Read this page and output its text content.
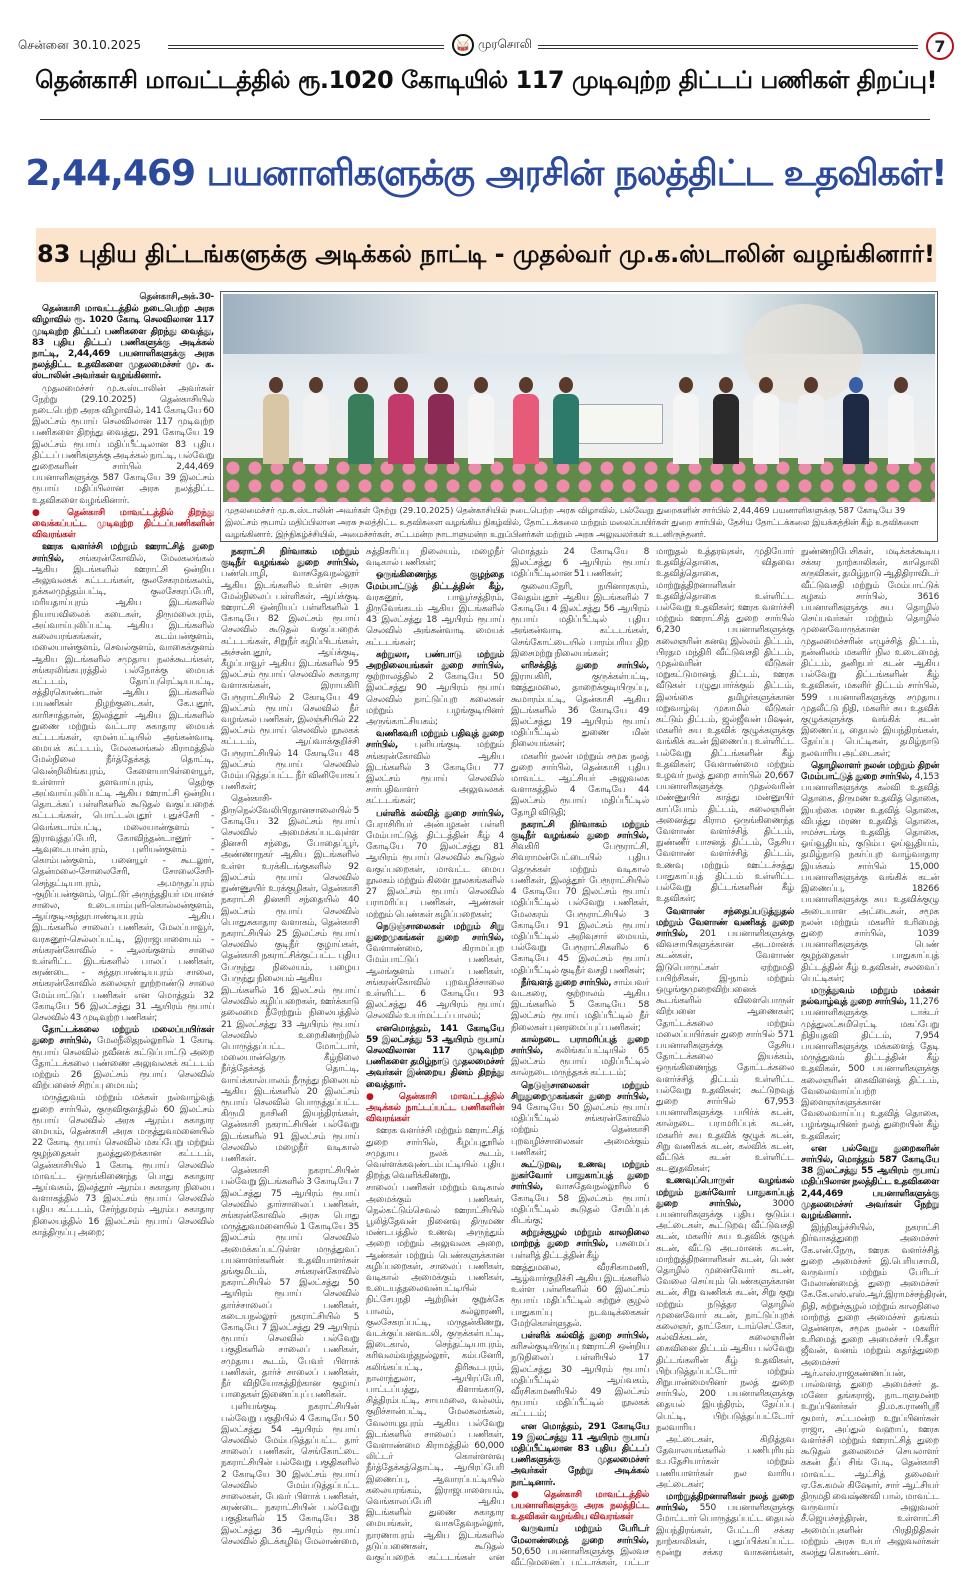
சென்னை 30.10.2025	🥁 முரசொலி	7
தென்காசி மாவட்டத்தில் ரூ.1020 கோடியில் 117 முடிவுற்ற திட்டப் பணிகள் திறப்பு!
2,44,469 பயனாளிகளுக்கு அரசின் நலத்திட்ட உதவிகள்!
83 புதிய திட்டங்களுக்கு அடிக்கல் நாட்டி - முதல்வர் மு.க.ஸ்டாலின் வழங்கினார்!

தென்காசி,அக்.30-

தென்காசி மாவட்டத்தில் நடைபெற்ற அரசு விழாவில் ரூ. 1020 கோடி செலவிலான 117 முடிவுற்ற திட்டப் பணிகளை திறந்து வைத்து, 83 புதிய திட்டப் பணிகளுக்கு அடிக்கல் நாட்டி, 2,44,469 பயனாளிகளுக்கு அரசு நலத்திட்ட உதவிகளை முதலமைச்சர் மு. க. ஸ்டாலின் அவர்கள் வழங்கினார்.

முதலமைச்சர் மு.க.ஸ்டாலின் அவர்கள் நேற்று (29.10.2025) தென்காசியில் நடைபெற்ற அரசு விழாவில், 141 கோடியே 60 இலட்சம் ரூபாய் செலவிலான 117 முடிவுற்ற பணிகளை திறந்து வைத்து, 291 கோடியே 19 இலட்சம் ரூபாய் மதிப்பீட்டிலான 83 புதிய திட்டப் பணிகளுக்கு அடிக்கல் நாட்டி, பல்வேறு துறைகளின் சார்பில் 2,44,469 பயனாளிகளுக்கு 587 கோடியே 39 இலட்சம் ரூபாய் மதிப்பிலான அரசு நலத்திட்ட உதவிகளை வழங்கினார்.

● தென்காசி மாவட்டத்தில் திறந்து வைக்கப்பட்ட முடிவுற்ற திட்டப்பணிகளின் விவரங்கள்

ஊரக வளர்ச்சி மற்றும் ஊராட்சித் துறை சார்பில், சங்கரன்கோவில், மேலகலங்கல் ஆகிய இடங்களில் ஊராட்சி ஒன்றிய அலுவலகக் கட்டடங்கள், குலசேகரமங்கலம், நக்கலமுத்தம்பட்டி, குலசேகரப்பேரி, மரியதாய்புரம் ஆகிய இடங்களில் நியாயவிலைக் கடைகள், திருமலைபுரம், அய்வாய்புலிப்பட்டி ஆகிய இடங்களில் கலையரங்கங்கள், கடம்பன்குளம், மலையான்குளம், செவல்குளம், வாகைக்குளம் ஆகிய இடங்களில் சமுதாய நலக்கூடங்கள், சங்கரலிங்கபுரத்தில் பல்நோக்கு மையக் கட்டடம், தோப்புரெட்டியபட்டி, சத்திரகொண்டான் ஆகிய இடங்களில் பயணிகள் நிழற்குடைகள், கே.புதூர், காரிசாத்தான், இலத்தூர் ஆகிய இடங்களில் துணை மற்றும் வட்டார சுகாதார மையக் கட்டடங்கள், ஏமன்பட்டியில் அங்கன்வாடி மையக் கட்டடம், மேலகலங்கல் கிராமத்தில் மேல்நிலை நீர்த்தேக்கத் தொட்டி, வென்றிலிங்கபுரம், கேளையாபிள்ளையூர், உள்ளார் தளவாய்புரம், தெற்கு அய்வாய்புலிப்பட்டி ஆகிய ஊராட்சி ஒன்றிய தொடக்கப் பள்ளிகளில் கூடுதல் வகுப்பறைக் கட்டடங்கள், பொட்டல்புதூர் புதுச்சேரி - வெங்கடாம்பட்டி, மலையான்குளம் - இராவுத்தப்பேரி, கோவிந்தன்டானூர் - ஆவுடையான்புரம், புளியன்குளம் - கொம்பன்குளம், பனையூர் - கூடலூர், தென்மலை-சோலைசேரி, சோலைசேரி-செந்தட்டியாபுரம், அ.மருதப்புரம் -குறிப்பன்குளம், நெட்டூர் அருந்ததியர் மயானச் சாலை, உடையாம்புளி-கொல்லன்குளம், ஆய்குடி-சுந்தரபாண்டியபுரம் ஆகிய இடங்களில் சாலைப் பணிகள், மேலப்பாவூர், வரகனூர்-செல்லப்பட்டி, இராஜபாளையம் - சங்கரன்கோவில் - ஆலங்குளம் சாலை உள்ளிட்ட இடங்களில் பாலப் பணிகள், சுரண்டை - சுந்தரபாண்டியபுரம் சாலை, சங்கரன்கோவில் கலைஞர் நூற்றாண்டு சாலை மேம்பாட்டுப் பணிகள் என மொத்தம் 32 கோடியே 56 இலட்சத்து 31 ஆயிரம் ரூபாய் செலவில் 43 முடிவுற்ற பணிகள்;

தோட்டக்கலை மற்றும் மலைப்பயிர்கள் துறை சார்பில், மேலநீலிதநல்லூரில் 1 கோடி ரூபாய் செலவில் நவீனக் கட்டுப்பாட்டு அறை தோட்டக்கலை பண்ணை அலுவலகக் கட்டடம் மற்றும் 26 இலட்சம் ரூபாய் செலவில் விற்பனைச் சிறப்பு மையம்;

மருத்துவம் மற்றும் மக்கள் நல்வாழ்வுத் துறை சார்பில், குருவிகுளத்தில் 60 இலட்சம் ரூபாய் செலவில் அரசு ஆரம்ப சுகாதார மையம், தென்காசி அரசு மருத்துவமனையில் 22 கோடி ரூபாய் செலவில் மகப்பேறு மற்றும் குழந்தைகள் நலத்துறைக்கான கட்டடம், தென்காசியில் 1 கோடி ரூபாய் செலவில் மாவட்ட ஒருங்கிணைந்த பொது சுகாதார ஆய்வகம், இலத்தூர் ஆரம்ப சுகாதார நிலைய வளாகத்தில் 73 இலட்சம் ரூபாய் செலவில் புதிய கட்டடம், சேர்ந்தமரம் ஆரம்ப சுகாதார நிலையத்தில் 16 இலட்சம் ரூபாய் செலவில் காத்திருப்பு அறை;

முதலமைச்சர் மு.க.ஸ்டாலின் அவர்கள் நேற்று (29.10.2025) தென்காசியில் நடைபெற்ற அரசு விழாவில், பல்வேறு துறைகளின் சார்பில் 2,44,469 பயனாளிகளுக்கு 587 கோடியே 39 இலட்சம் ரூபாய் மதிப்பிலான அரசு நலத்திட்ட உதவிகளை வழங்கிய நிகழ்வில், தோட்டக்கலை மற்றும் மலைப்பயிர்கள் துறை சார்பில், தேசிய தோட்டக்கலை இயக்கத்தின் கீழ் உதவிகளை வழங்கினார். இந்நிகழ்ச்சியில், அமைச்சர்கள், சட்டமன்ற நாடாளுமன்ற உறுப்பினர்கள் மற்றும் அரசு அலுவலர்கள் உடனிருந்தனர்.

நகராட்சி நிர்வாகம் மற்றும் குடிநீர் வழங்கல் துறை சார்பில், பண்பொழி, வாசுதேவநல்லூர் ஆகிய இடங்களில் உள்ள அரசு மேல்நிலைப் பள்ளிகள், ஆய்க்குடி ஊராட்சி ஒன்றியப் பள்ளிகளில் 1 கோடியே 82 இலட்சம் ரூபாய் செலவில் கூடுதல் வகுப்பறைக் கட்டடங்கள், சிறுநீர் கழிப்பிடங்கள், அச்சன்புதூர், ஆய்க்குடி, கீழப்பாவூர் ஆகிய இடங்களில் 95 இலட்சம் ரூபாய் செலவில் சுகாதார வளாகங்கள், இராயகிரி பேரூராட்சியில் 2 கோடியே 49 இலட்சம் ரூபாய் செலவில் நீர் வழங்கல் பணிகள், இலஞ்சியில் 22 இலட்சம் ரூபாய் செலவில் நூலகக் கட்டடம், ஆய்வாக்குறிச்சி பேரூராட்சியில் 14 கோடியே 48 இலட்சம் ரூபாய் செலவில் மேம்படுத்தப்பட்ட நீர் வினியோகப் பணிகள்;

தென்காசி-திருநெல்வேலிபிரதானசாலையில் 5 கோடியே 32 இலட்சம் ரூபாய் செலவில் அமைக்கப்படவுள்ள தினசரி சந்தை, போதைப்பூர், அண்ணாநகர் ஆகிய இடங்களில் உள்ள உரக்கிடங்குகளில் 92 இலட்சம் ரூபாய் செலவில் நுண்ணுயிர் உரக்குழிகள், தென்காசி நகராட்சி தினசரி சந்தையில் 40 இலட்சம் ரூபாய் செலவில் பொதுசுகாதார வளாகம், தென்காசி நகராட்சியில் 25 இலட்சம் ரூபாய் செலவில் குடிநீர் குழாய்கள், தென்காசி நகராட்சிக்குட்பட்ட புதிய பேருந்து நிலையம், பழைய பேருந்து நிலையம் ஆகிய

இடங்களில் 16 இலட்சம் ரூபாய் செலவில் கழிப்பறைகள், ஊர்க்காடு தலைமை நீரேற்றும் நிலையத்தில் 21 இலட்சத்து 33 ஆயிரம் ரூபாய் செலவில் உறைகிணற்றில் பொருத்தப்பட்ட மோட்டார், மலையான்தெரு கீழ்நிலை நீர்த்தேக்கத் தொட்டி, வாய்க்கால்பாலம் நீருந்து நிலையம் ஆகிய இடங்களில் 20 இலட்சம் ரூபாய் செலவில் பொருத்தப்பட்ட கிருமி நாசினி இயந்திரங்கள், தென்காசி நகராட்சியின் பல்வேறு இடங்களில் 91 இலட்சம் ரூபாய் செலவில் மழைநீர் வடிகால் பணிகள்.

தென்காசி நகராட்சியின் பல்வேறு இடங்களில் 3 கோடியே 7 இலட்சத்து 75 ஆயிரம் ரூபாய் செலவில் தார்சாலைப் பணிகள், சங்கரன்கோவில் அரசு பொது மருத்துவமனையில் 1 கோடியே 35 இலட்சம் ரூபாய் செலவில் அமைக்கப்பட்டுள்ள மருத்துவப் பயனாளர்களின் உதவியாளர்கள் தங்குமிடம், சங்கரன்கோவில் நகராட்சியில் 57 இலட்சத்து 50 ஆயிரம் ரூபாய் செலவில் தார்ச்சாலைப் பணிகள், கடையநல்லூர் நகராட்சியில் 5 கோடியே 7 இலட்சத்து 29 ஆயிரம் ரூபாய் செலவில் பல்வேறு பகுதிகளில் சாலைப் பணிகள், சமுதாய கூடம், பேவர் பிளாக் பணிகள், தார்ச் சாலைப் பணிகள், நீர் விநியோகத்திற்கான குழாய் பாதைகள் இணைப்புப் பணிகள்.

புளியங்குடி நகராட்சியின் பல்வேறு பகுதியில் 4 கோடியே 50 இலட்சத்து 54 ஆயிரம் ரூபாய் செலவில் மேம்படுத்தப்பட்ட தார் சாலைப் பணிகள், செங்கோட்டை நகராட்சியின் பல்வேறு பகுதிகளில் 2 கோடியே 30 இலட்சம் ரூபாய் செலவில் மேம்படுத்தப்பட்ட சாலைகள், பேவர் பிளாக் பணிகள், சுரண்டை நகராட்சியின் பல்வேறு பகுதிகளில் 15 கோடியே 38 இலட்சத்து 36 ஆயிரம் ரூபாய் செலவில் திடக்கழிவு மேலாண்மை, சுத்திகரிப்பு நிலையம், மழைநீர் வடிகால் பணிகள்;

ஒருங்கிணைந்த குழந்தை மேம்பாட்டுத் திட்டத்தின் கீழ், வரகனூர், பாவூர்சத்திரம், திருவேங்கடம் ஆகிய இடங்களில் 43 இலட்சத்து 18 ஆயிரம் ரூபாய் செலவில் அங்கன்வாடி மையக் கட்டடங்கள்;

சுற்றுலா, பண்பாடு மற்றும் அறநிலையங்கள் துறை சார்பில், குற்றாலத்தில் 2 கோடியே 50 இலட்சத்து 90 ஆயிரம் ரூபாய் செலவில் நாட்டுப்புற கலைகள் மற்றும் பழங்குடியினர் அருங்காட்சியகம்;

வணிகவரி மற்றும் பதிவுத் துறை சார்பில், புளியங்குடி மற்றும் சங்கரன்கோவில் ஆகிய இடங்களில் 3 கோடியே 77 இலட்சம் ரூபாய் செலவில் சார்பதிவாளர் அலுவலகக் கட்டடங்கள்;

பள்ளிக் கல்வித் துறை சார்பில், பேராசிரியர் அன்பழகன் பள்ளி மேம்பாட்டுத் திட்டத்தின் கீழ் 4 கோடியே 70 இலட்சத்து 81 ஆயிரம் ரூபாய் செலவில் கூடுதல் வகுப்பறைகள், மாவட்ட மைய நூலகம் மற்றும் கிளை நூலகங்களில் 27 இலட்சம் ரூபாய் செலவில் பராமரிப்பு பணிகள், ஆண்கள் மற்றும் பெண்கள் கழிப்பறைகள்;

நெடுஞ்சாலைகள் மற்றும் சிறு துறைமுகங்கள் துறை சார்பில், வேளாண்மை, கிராமப்புற மேம்பாட்டுப் பணிகள், ஆலங்குளம் பாலப் பணிகள், சங்கரன்கோவில் புறவழிச்சாலை உள்ளிட்ட 6 கோடியே 93 இலட்சத்து 46 ஆயிரம் ரூபாய் செலவில் உயர்மட்டப் பாலம்;

எனமொத்தம், 141 கோடியே 59 இலட்சத்து 53 ஆயிரம் ரூபாய் செலவிலான 117 முடிவுற்ற பணிகளை தமிழ்நாடு முதலமைச்சர் அவர்கள் இன்றைய தினம் திறந்து வைத்தார்.

● தென்காசி மாவட்டத்தில் அடிக்கல் நாட்டப்பட்ட பணிகளின் விவரங்கள்

ஊரக வளர்ச்சி மற்றும் ஊராட்சித் துறை சார்பில், கீழப்புதூரில் சமுதாய நலக் கூடம், வெள்ளக்கவுண்டம்பட்டியில் புதிய திறந்த வெளிக்கிணறு,

சாலைப் பணிகள் மற்றும் வடிகால் அமைக்கும் பணிகள், நெல்கட்டும்செவல் ஊராட்சியில் பூலித்தேவன் நினைவு திருமண மண்டபத்தில் உணவு அருந்தும் அறை மற்றும் அலுவலக அறை, ஆண்கள் மற்றும் பெண்களுக்கான கழிப்பறைகள், சாலைப் பணிகள், வடிகால் அமைக்கும் பணிகள், உடையத்தலைவன்பட்டியில் நிட்சேபநதி ஆற்றின் குறுக்கே பாலம், கல்லூரணி, குலசேகரப்பட்டி, மருதன்கிணறு, வடக்குப்பனவடலி, குருக்கள்பட்டி, இடைகால், செந்தட்டியாபுரம், கரிவலம்வந்தநல்லூர், கம்பனேரி, கலிங்கப்பட்டி, திரிகூடபுரம், நாலாந்துலா, ஆயிரப்பேரி, பாட்டப்பத்து, கிளாங்காடு, சித்திரம்பட்டி, சாயமலை, வல்லம், குறிச்சான்பட்டி, மேலகலங்கல், வேலாயுதபுரம் ஆகிய பல்வேறு இடங்களில் சாலைப் பணிகள், வேளாண்மை கிராமத்தில் 60,000 லிட்டர் கொள்ளளவு நீர்த்தேக்கத்தொட்டி, ஆயிரப்பேரி இணைப்பு, ஆவாரப்பட்டியில் கலையரங்கம், இராஜபாளையம், வெங்காலப்பேரி ஆகிய இடங்களில் துணை சுகாதார மையங்கள், வாசுதேவநல்லூர், நாரணாபுரம் ஆகிய இடங்களில் தடுப்பணைகள், கூடுதல் வகுப்பறைக் கட்டடங்கள் என மொத்தம் 24 கோடியே 8 இலட்சத்து 6 ஆயிரம் ரூபாய் மதிப்பீட்டிலான 51 பணிகள்;

குலையநேரி, நயினாரகரம், வேதம்புதூர் ஆகிய இடங்களில் 7 கோடியே 4 இலட்சத்து 56 ஆயிரம் ரூபாய் மதிப்பீட்டில் புதிய அங்கன்வாடி கட்டடங்கள், செங்கோட்டையில் பாரம்பரிய திற இசைமற்று நிலையங்கள்;

எரிசக்தித் துறை சார்பில், இராயகிரி, குருக்கள்பட்டி, ஊத்துமலை, தாறைக்குடியிருப்பு, கூமாரம்பட்டி, தென்காசி ஆகிய இடங்களில் 36 கோடியே 49 இலட்சத்து 19 ஆயிரம் ரூபாய் மதிப்பீட்டில் துணை மின் நிலையங்கள்;

மகளிர் நலன் மற்றும் சமூக நலத் துறை சார்பில், தென்காசி புதிய மாவட்ட ஆட்சியர் அலுவலக வளாகத்தில் 4 கோடியே 44 இலட்சம் ரூபாய் மதிப்பீட்டில் தோழி விடுதி;

நகராட்சி நிர்வாகம் மற்றும் குடிநீர் வழங்கல் துறை சார்பில், சிவகிரி பேரூராட்சி, சிவராமன்பேட்டையில் புதிய தெருக்கள் மற்றும் வடிகால் பணிகள், இலத்தூர் பேரூராட்சியில் 4 கோடியே 70 இலட்சம் ரூபாய் மதிப்பீட்டில் பல்வேறு பணிகள், மேலகரம் பேரூராட்சியில் 3 கோடியே 91 இலட்சம் ரூபாய் மதிப்பீட்டில் அறிவுசார் மையம், பல்வேறு பேரூராட்சிகளில் 6 கோடியே 45 இலட்சம் ரூபாய் மதிப்பீட்டில் குடிநீர் வசதி பணிகள்;

நீர்வளத் துறை சார்பில், சாம்பவர் வடகரை, குற்றாலம் ஆகிய இடங்களில் 5 கோடியே 58 இலட்சம் ரூபாய் மதிப்பீட்டில் நீர் நிலைகள் புனரமைப்புப் பணிகள்;

கால்நடை பராமரிப்புத் துறை சார்பில், கலிங்கப்பட்டியில் 65 இலட்சம் ரூபாய் மதிப்பீட்டில் கால்நடை மருந்தகக் கட்டடம்;

நெடுஞ்சாலைகள் மற்றும் சிறுதுறைமுகங்கள் துறை சார்பில், 94 கோடியே 50 இலட்சம் ரூபாய் மதிப்பீட்டில் சங்கரன்கோவில் மற்றும் தென்காசி புறவழிச்சாலைகள் அமைக்கும் பணிகள்;

கூட்டுறவு, உணவு மற்றும் நுகர்வோர் பாதுகாப்புத் துறை சார்பில், வாசுதேவநல்லூரில் 6 கோடியே 58 இலட்சம் ரூபாய் மதிப்பீட்டில் கூடுதல் சேமிப்புக் கிடங்கு;

சுற்றுச்சூழல் மற்றும் காலநிலை மாற்றத் துறை சார்பில், பசுமைப் பள்ளித் திட்டத்தின் கீழ்

ஊத்துமலை, வீரசிகாமணி, ஆழ்வார்குறிச்சி ஆகிய இடங்களில் உள்ள பள்ளிகளில் 60 இலட்சம் ரூபாய் மதிப்பீட்டில் சுற்றுச் சூழல் பாதுகாப்பு நடவடிக்கைகள் மேற்கொள்ளுதல்.

பள்ளிக் கல்வித் துறை சார்பில், கரிசல்குடியிருப்பு ஊராட்சி ஒன்றிய நடுநிலைப் பள்ளியில் 17 இலட்சத்து 30 ஆயிரம் ரூபாய் மதிப்பீட்டில் ஆய்வகம், வீரசிகாமணியில் 49 இலட்சம் ரூபாய் மதிப்பீட்டில் நூலகக் கட்டடம்;

என மொத்தம், 291 கோடியே 19 இலட்சத்து 11 ஆயிரம் ரூபாய் மதிப்பீட்டிலான 83 புதிய திட்டப் பணிகளுக்கு முதலமைச்சர் அவர்கள் நேற்று அடிக்கல் நாட்டினார்.

● தென்காசி மாவட்டத்தில் பயனாளிகளுக்கு அரசு நலத்திட்ட உதவிகள் வழங்கிய விவரங்கள்

வருவாய் மற்றும் பேரிடர் மேலாண்மைத் துறை சார்பில், 50,650 பயனாளிகளுக்கு இலவச வீட்டுமனைப் பட்டாக்கள், பட்டா மாறுதல் உத்தரவுகள், முதியோர் உதவித்தொகை, விதவை உதவித்தொகை, மாற்றுத்திறனாளிகள் உதவித்தொகை உள்ளிட்ட பல்வேறு உதவிகள்; ஊரக வளர்ச்சி மற்றும் ஊராட்சித் துறை சார்பில் 6,230 பயனாளிகளுக்கு கலைஞரின் கனவு இல்லம் திட்டம், பிரதம மந்திரி வீட்டுவசதி திட்டம், முதல்வரின் வீடுகள் மறுகட்டுமானத் திட்டம், ஊரக வீடுகள் பழுதுபார்க்கும் திட்டம், இலங்கை தமிழர்களுக்கான மறுவாழ்வு முகாமில் வீடுகள் கட்டும் திட்டம், ஜல்ஜீவன் மிஷன், மகளிர் சுய உதவிக் குழுக்களுக்கு வங்கிக் கடன் இணைப்பு உள்ளிட்ட பல்வேறு திட்டங்களின் கீழ் உதவிகள்; வேளாண்மை மற்றும் உழவர் நலத் துறை சார்பில் 20,667 பயனாளிகளுக்கு முதல்வரின் மண்ணுயிர் காத்து மன்னுயிர் காப்போம் திட்டம், கலைஞரின் அனைத்து கிராம ஒருங்கிணைந்த வேளாண் வளர்ச்சித் திட்டம், நுண்ணீர் பாசனத் திட்டம், தேசிய வேளாண் வளர்ச்சித் திட்டம், உணவு மற்றும் ஊட்டச்சத்து பாதுகாப்புத் திட்டம் உள்ளிட்ட பல்வேறு திட்டங்களின் கீழ் உதவிகள்;

வேளாண் சந்தைப்படுத்துதல் மற்றும் வேளாண் வணிகத் துறை சார்பில், 201 பயனாளிகளுக்கு விவசாயிகளுக்கான அடமானக் கடன்கள், வேளாண் இடுபொருட்கள் ஏற்றுமதி பயிற்சிகள், இ-நாம் மற்றும் ஒழுங்குமுறைவிற்பனைக் கூடங்களில் விளைபொருள் விற்பனை ஆணைகள்; தோட்டக்கலை மற்றும் மலைப்பயிர்கள் துறை சார்பில் 571 பயனாளிகளுக்கு தேசிய தோட்டக்கலை இயக்கம், ஒருங்கிணைந்த தோட்டக்கலை வளர்ச்சித் திட்டம் உள்ளிட்ட பல்வேறு உதவிகள்; கூட்டுறவுத் துறை சார்பில் 67,953 பயனாளிகளுக்கு பயிர்க் கடன், கால்நடை பராமரிப்புக் கடன், மகளிர் சுய உதவிக் குழுக் கடன், சிறு வணிகக் கடன், கல்விக் கடன், வீட்டுக் கடன் உள்ளிட்ட கடனுதவிகள்;

உணவுப்பொருள் வழங்கல் மற்றும் நுகர்வோர் பாதுகாப்புத் துறை சார்பில்,	3000 பயனாளிகளுக்கு புதிய குடும்ப அட்டைகள், கூட்டுறவு வீட்டுவசதி கடன், மகளிர் சுய உதவிக் குழுக் கடன், வீட்டு அடமானக் கடன், மாற்றுத்திறனாளிகள் கடன், பெண் தொழில் முனைவோர் கடன், வேலை செய்யும் பெண்களுக்கான கடன், சிறு வணிகக் கடன், சிறு குறு மற்றும் நடுத்தர தொழில் முனைவோர் கடன், நாட்டுப்புறக் கலைஞர், தாட்கோ, டாம்செட்கோ, கல்விக்கடன், கலைஞரின் கைவினை திட்டம் ஆகிய பல்வேறு திட்டங்களின் கீழ் உதவிகள், பிற்படுத்தப்பட்டோர் மற்றும் சிறுபான்மையினர் நலத் துறை சார்பில், 200 பயனாளிகளுக்கு தையல் இயந்திரம், தேய்ப்பு பெட்டி, பிற்படுத்தப்பட்டோர் நலவாரிய

அட்டைகள், கிறித்தவ தேவாலயங்களில் பணிபுரியும் உபதேசியார்கள் மற்றும் பணியாளர்கள் நல வாரிய அட்டைகள்;

மாற்றுத்திறனாளிகள் நலத் துறை சார்பில், 550 பயனாளிகளுக்கு மோட்டார் பொருத்தப்பட்ட தையல் இயந்திரங்கள், பேட்டரி சக்கர நாற்காலிகள், புதுப்பிக்கப்பட்ட மூன்று சக்கர வாகனங்கள், நுண்ணறிபேசிகள், மடிக்கக்கூடிய சக்கர நாற்காலிகள், காதொலி கருவிகள், தமிழ்நாடு ஆதிதிராவிடர் வீட்டுவசதி மற்றும் மேம்பாட்டுக் கழகம் சார்பில், 3616 பயனாளிகளுக்கு சுய தொழில் செய்பவர்கள் மற்றும் தொழில் முனைவோருக்கான முதலமைச்சரின் எழுச்சித் திட்டம், நன்னிலம் மகளிர் நில உடைமைத் திட்டம், தனிநபர் கடன் ஆகிய பல்வேறு திட்டங்களின் கீழ் உதவிகள், மகளிர் திட்டம் சார்பில், 599 பயனாளிகளுக்கு சமுதாய முதலீட்டு நிதி, மகளிர் சுய உதவிக் குழுக்களுக்கு வங்கிக் கடன் இணைப்பு, தையல் இயந்திரங்கள், தேய்ப்பு பெட்டிகள், தமிழ்நாடு நலவாரிய அட்டைகள்;

தொழிலாளர் நலன் மற்றும் திறன் மேம்பாட்டுத் துறை சார்பில், 4,153 பயனாளிகளுக்கு கல்வி உதவித் தொகை, திருமண உதவித் தொகை, இயற்கை மரண உதவித் தொகை, விபத்து மரண உதவித் தொகை, ஈமச்சடங்கு உதவித் தொகை, ஓய்வூதியம், குடும்ப ஓய்வூதியம், தமிழ்நாடு நகர்ப்புற வாழ்வாதார இயக்கம் சார்பில் 15,000 பயனாளிகளுக்கு வங்கிக் கடன் இணைப்பு, 18266 பயனாளிகளுக்கு சுய உதவிக்குழு அடையாள அட்டைகள், சமூக நலன் மற்றும் மகளிர் உரிமைத் துறை சார்பில், 1039 பயனாளிகளுக்கு பெண் குழந்தைகள் பாதுகாப்புத் திட்டத்தின் கீழ் உதவிகள், சலவைப் பெட்டிகள்;

மருத்துவம் மற்றும் மக்கள் நல்வாழ்வுத் துறை சார்பில், 11,276 பயனாளிகளுக்கு டாக்டர் முத்துலட்சுமிரெட்டி மகப்பேறு நிதியுதவி திட்டம், 7,954 பயனாளிகளுக்கு மக்களைத் தேடி மருத்துவம் திட்டத்தின் கீழ் உதவிகள், 500 பயனாளிகளுக்கு கலைஞரின் கைவினைத் திட்டம், வேலைவாய்ப்பற்ற இளைஞர்களுக்கான வேலைவாய்ப்பு உதவித் தொகை, பழங்குடியினர் நலத் துறையின் கீழ் உதவிகள்;

என பல்வேறு துறைகளின் சார்பில், மொத்தம் 587 கோடியே 38 இலட்சத்து 55 ஆயிரம் ரூபாய் மதிப்பிலான நலத்திட்ட உதவிகளை 2,44,469 பயனாளிகளுக்கு முதலமைச்சர் அவர்கள் நேற்று வழங்கினார்.

இந்நிகழ்ச்சியில், நகராட்சி நிர்வாகத்துறை அமைச்சர் கே.என்.நேரு, ஊரக வளர்ச்சித் துறை அமைச்சர் இ.பெரியசாமி, வருவாய் மற்றும் பேரிடர் மேலாண்மைத் துறை அமைச்சர் கே.கே.எஸ்.எஸ்.ஆர்.இராமச்சந்திரன், நிதி, சுற்றுச்சூழல் மற்றும் காலநிலை மாற்றத் துறை அமைச்சர் தங்கம் தென்னரசு, சமூக நலன் - மகளிர் உரிமைத் துறை அமைச்சர் பி.கீதா ஜீவன், வனம் மற்றும் கதர்த்துறை அமைச்சர் ஆர்.எஸ்.ராஜகண்ணப்பன், பால்வளத் துறை அமைச்சர் த. மனோ தங்கராஜ், நாடாளுமன்ற உறுப்பினர்கள் தி.ம.க.ராணிஸ்ரீ குமார், சட்டமன்ற உறுப்பினர்கள் ராஜா, அப்துல் வஹாப், ஊரக வளர்ச்சி மற்றும் ஊராட்சித் துறை கூடுதல் தலைமைச் செயலாளர் ககன் தீப் சிங் பேடி, தென்காசி மாவட்ட ஆட்சித் தலைவர் ஏ.கே.கமல் கிஷோர், சார் ஆட்சியர் திருமதி வைஷ்ணவி பால், மாவட்ட வருவாய் அலுவலர் சீ.ஜெயச்சந்திரன், உள்ளாட்சி அமைப்புகளின் பிரதிநிதிகள் மற்றும் அரசு உயர் அலுவலர்கள் கலந்து கொண்டனர்.
